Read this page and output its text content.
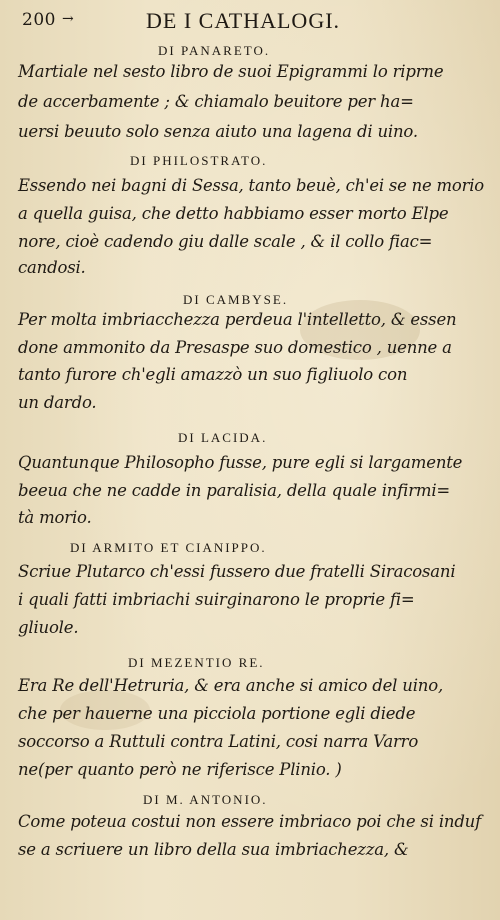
200 →	DE I CATHALOGI.
DI PANARETO.
Martiale nel sesto libro de suoi Epigrammi lo riprne
de accerbamente ; & chiamalo beuitore per ha=
uersi beuuto solo senza aiuto una lagena di uino.
DI PHILOSTRATO.
Essendo nei bagni di Sessa, tanto beuè, ch'ei se ne morio
a quella guisa, che detto habbiamo esser morto Elpe
nore, cioè cadendo giu dalle scale , & il collo fiac=
candosi.
DI CAMBYSE.
Per molta imbriacchezza perdeua l'intelletto, & essen
done ammonito da Presaspe suo domestico , uenne a
tanto furore ch'egli amazzò un suo figliuolo con
un dardo.
DI LACIDA.
Quantunque Philosopho fusse, pure egli si largamente
beeua che ne cadde in paralisia, della quale infirmi=
tà morio.
DI ARMITO ET CIANIPPO.
Scriue Plutarco ch'essi fussero due fratelli Siracosani
i quali fatti imbriachi suirginarono le proprie fi=
gliuole.
DI MEZENTIO RE.
Era Re dell'Hetruria, & era anche si amico del uino,
che per hauerne una picciola portione egli diede
soccorso a Ruttuli contra Latini, cosi narra Varro
ne(per quanto però ne riferisce Plinio. )
DI M. ANTONIO.
Come poteua costui non essere imbriaco poi che si induf
se a scriuere un libro della sua imbriachezza, &
